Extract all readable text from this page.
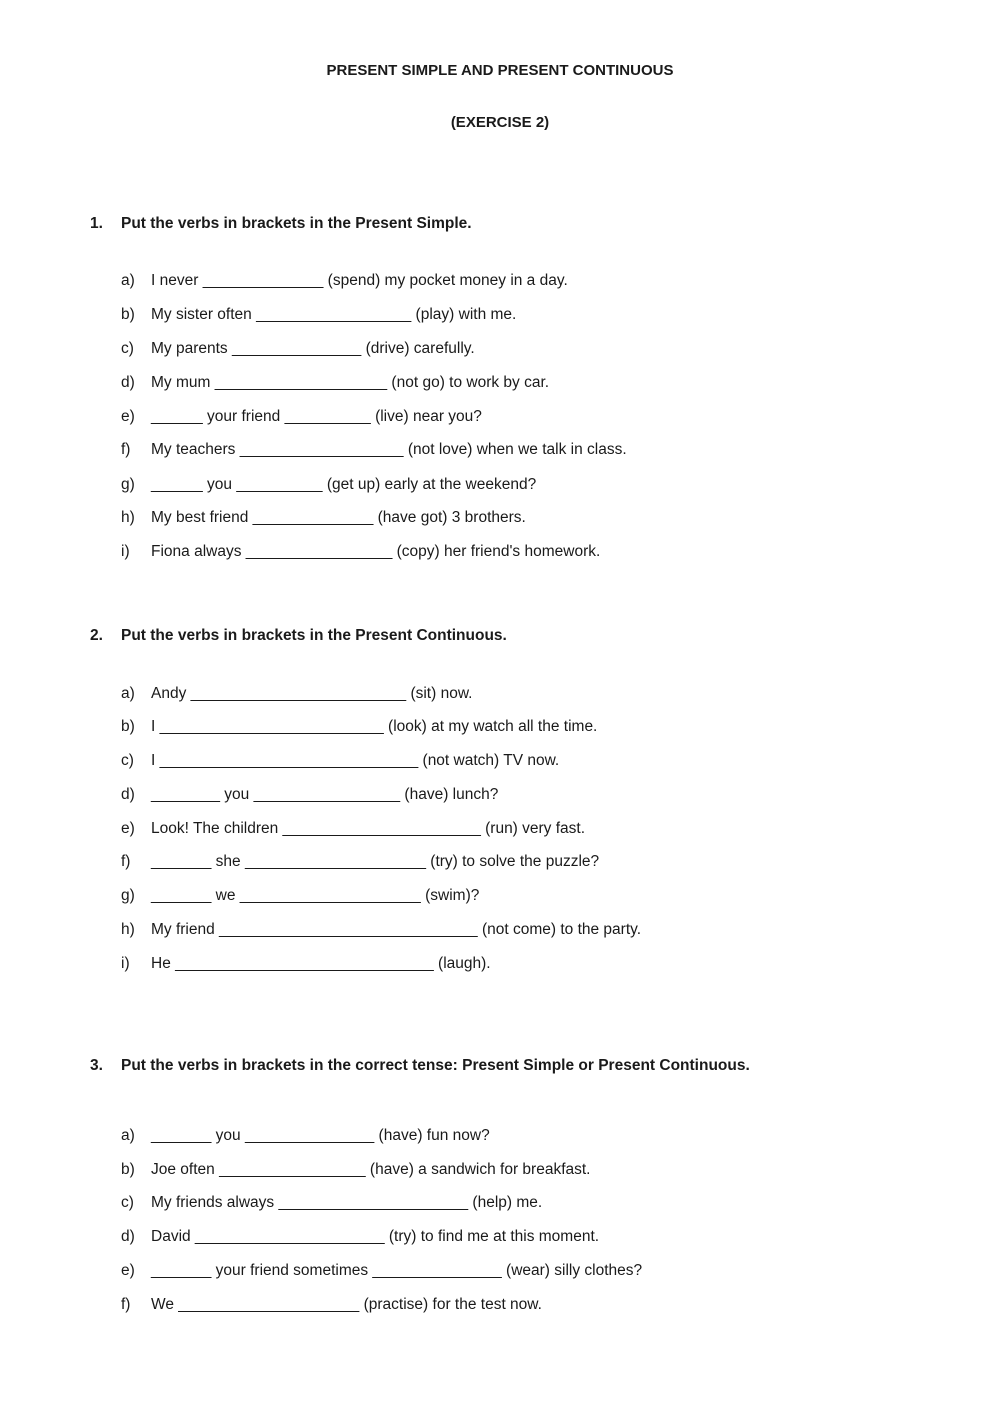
PRESENT SIMPLE AND PRESENT CONTINUOUS
(EXERCISE 2)
1. Put the verbs in brackets in the Present Simple.
a) I never ______________ (spend) my pocket money in a day.
b) My sister often __________________ (play) with me.
c) My parents _______________ (drive) carefully.
d) My mum ____________________ (not go) to work by car.
e) ______ your friend __________ (live) near you?
f) My teachers ___________________ (not love) when we talk in class.
g) ______ you __________ (get up) early at the weekend?
h) My best friend ______________ (have got) 3 brothers.
i) Fiona always _________________ (copy) her friend's homework.
2. Put the verbs in brackets in the Present Continuous.
a) Andy _________________________ (sit) now.
b) I __________________________ (look) at my watch all the time.
c) I ______________________________ (not watch) TV now.
d) ________ you _________________ (have) lunch?
e) Look! The children _______________________ (run) very fast.
f) _______ she _____________________ (try) to solve the puzzle?
g) _______ we _____________________ (swim)?
h) My friend ______________________________ (not come) to the party.
i) He ______________________________ (laugh).
3. Put the verbs in brackets in the correct tense: Present Simple or Present Continuous.
a) _______ you _______________ (have) fun now?
b) Joe often _________________ (have) a sandwich for breakfast.
c) My friends always ______________________ (help) me.
d) David ______________________ (try) to find me at this moment.
e) _______ your friend sometimes _______________ (wear) silly clothes?
f) We _____________________ (practise) for the test now.
